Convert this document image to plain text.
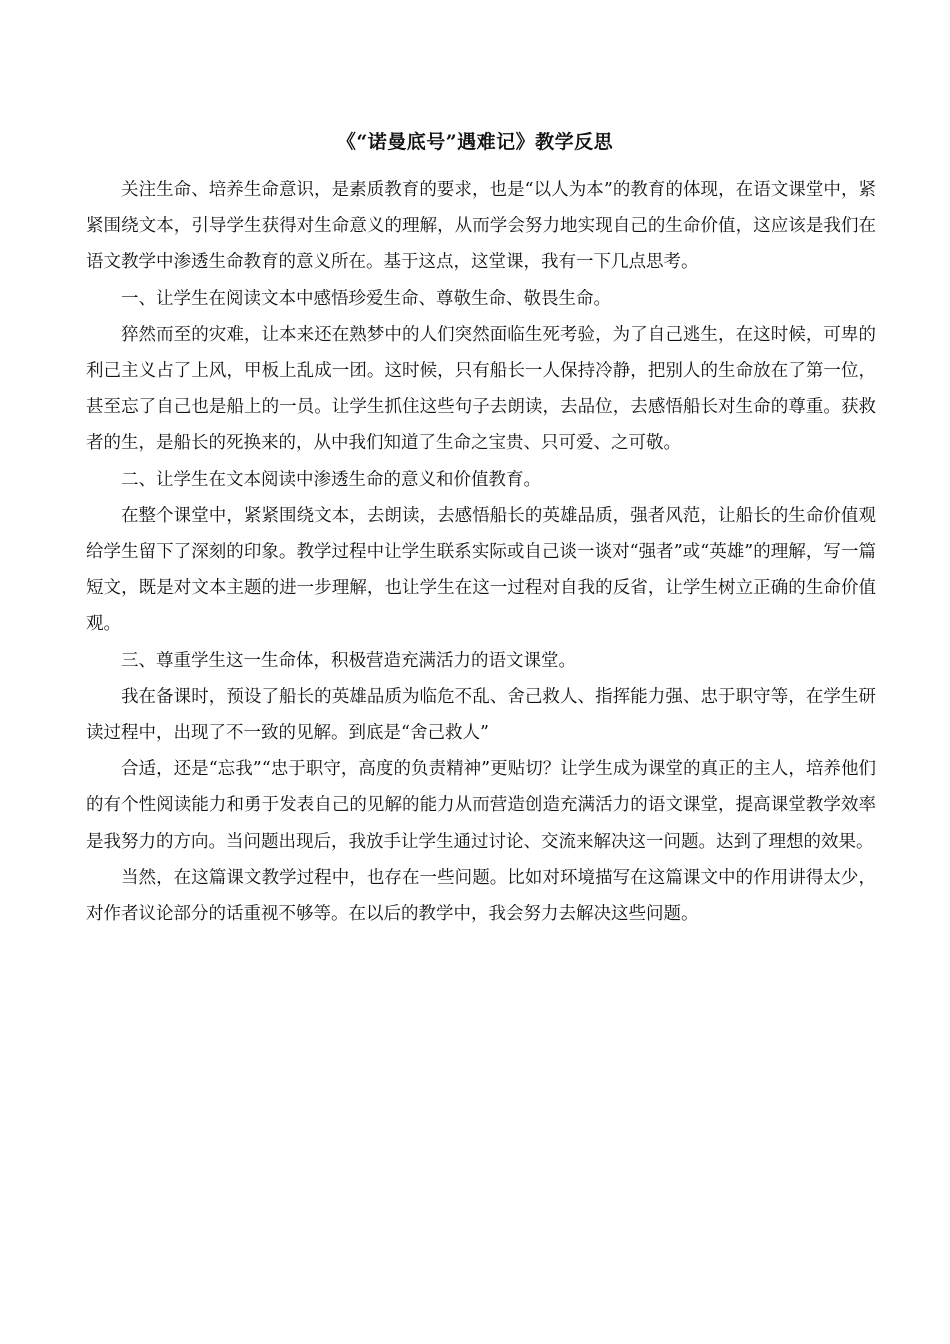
《“诺曼底号”遇难记》教学反思

关注生命、培养生命意识，是素质教育的要求，也是“以人为本”的教育的体现，在语文课堂中，紧紧围绕文本，引导学生获得对生命意义的理解，从而学会努力地实现自己的生命价值，这应该是我们在语文教学中渗透生命教育的意义所在。基于这点，这堂课，我有一下几点思考。

一、让学生在阅读文本中感悟珍爱生命、尊敬生命、敬畏生命。

猝然而至的灾难，让本来还在熟梦中的人们突然面临生死考验，为了自己逃生，在这时候，可卑的利己主义占了上风，甲板上乱成一团。这时候，只有船长一人保持冷静，把别人的生命放在了第一位，甚至忘了自己也是船上的一员。让学生抓住这些句子去朗读，去品位，去感悟船长对生命的尊重。获救者的生，是船长的死换来的，从中我们知道了生命之宝贵、只可爱、之可敬。

二、让学生在文本阅读中渗透生命的意义和价值教育。

在整个课堂中，紧紧围绕文本，去朗读，去感悟船长的英雄品质，强者风范，让船长的生命价值观给学生留下了深刻的印象。教学过程中让学生联系实际或自己谈一谈对“强者”或“英雄”的理解，写一篇短文，既是对文本主题的进一步理解，也让学生在这一过程对自我的反省，让学生树立正确的生命价值观。

三、尊重学生这一生命体，积极营造充满活力的语文课堂。

我在备课时，预设了船长的英雄品质为临危不乱、舍己救人、指挥能力强、忠于职守等，在学生研读过程中，出现了不一致的见解。到底是“舍己救人”

合适，还是“忘我”“忠于职守，高度的负责精神”更贴切？让学生成为课堂的真正的主人，培养他们的有个性阅读能力和勇于发表自己的见解的能力从而营造创造充满活力的语文课堂，提高课堂教学效率是我努力的方向。当问题出现后，我放手让学生通过讨论、交流来解决这一问题。达到了理想的效果。

当然，在这篇课文教学过程中，也存在一些问题。比如对环境描写在这篇课文中的作用讲得太少，对作者议论部分的话重视不够等。在以后的教学中，我会努力去解决这些问题。
